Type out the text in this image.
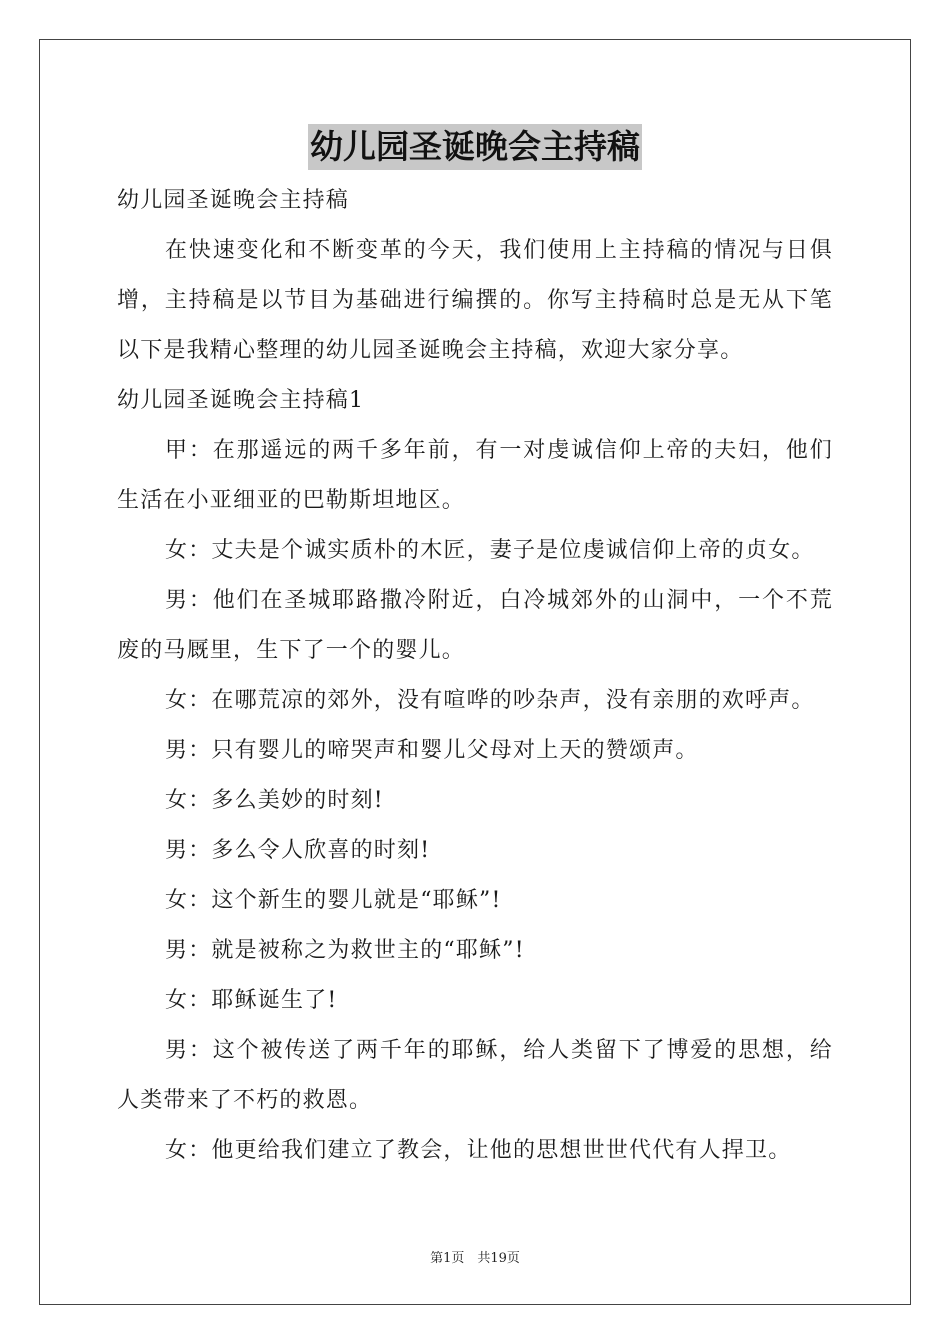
幼儿园圣诞晚会主持稿

幼儿园圣诞晚会主持稿

在快速变化和不断变革的今天，我们使用上主持稿的情况与日俱增，主持稿是以节目为基础进行编撰的。你写主持稿时总是无从下笔以下是我精心整理的幼儿园圣诞晚会主持稿，欢迎大家分享。

幼儿园圣诞晚会主持稿1

甲：在那遥远的两千多年前，有一对虔诚信仰上帝的夫妇，他们生活在小亚细亚的巴勒斯坦地区。

女：丈夫是个诚实质朴的木匠，妻子是位虔诚信仰上帝的贞女。

男：他们在圣城耶路撒冷附近，白冷城郊外的山洞中，一个不荒废的马厩里，生下了一个的婴儿。

女：在哪荒凉的郊外，没有喧哗的吵杂声，没有亲朋的欢呼声。

男：只有婴儿的啼哭声和婴儿父母对上天的赞颂声。

女：多么美妙的时刻!

男：多么令人欣喜的时刻!

女：这个新生的婴儿就是“耶稣”!

男：就是被称之为救世主的“耶稣”!

女：耶稣诞生了!

男：这个被传送了两千年的耶稣，给人类留下了博爱的思想，给人类带来了不朽的救恩。

女：他更给我们建立了教会，让他的思想世世代代有人捍卫。

第1页　共19页
